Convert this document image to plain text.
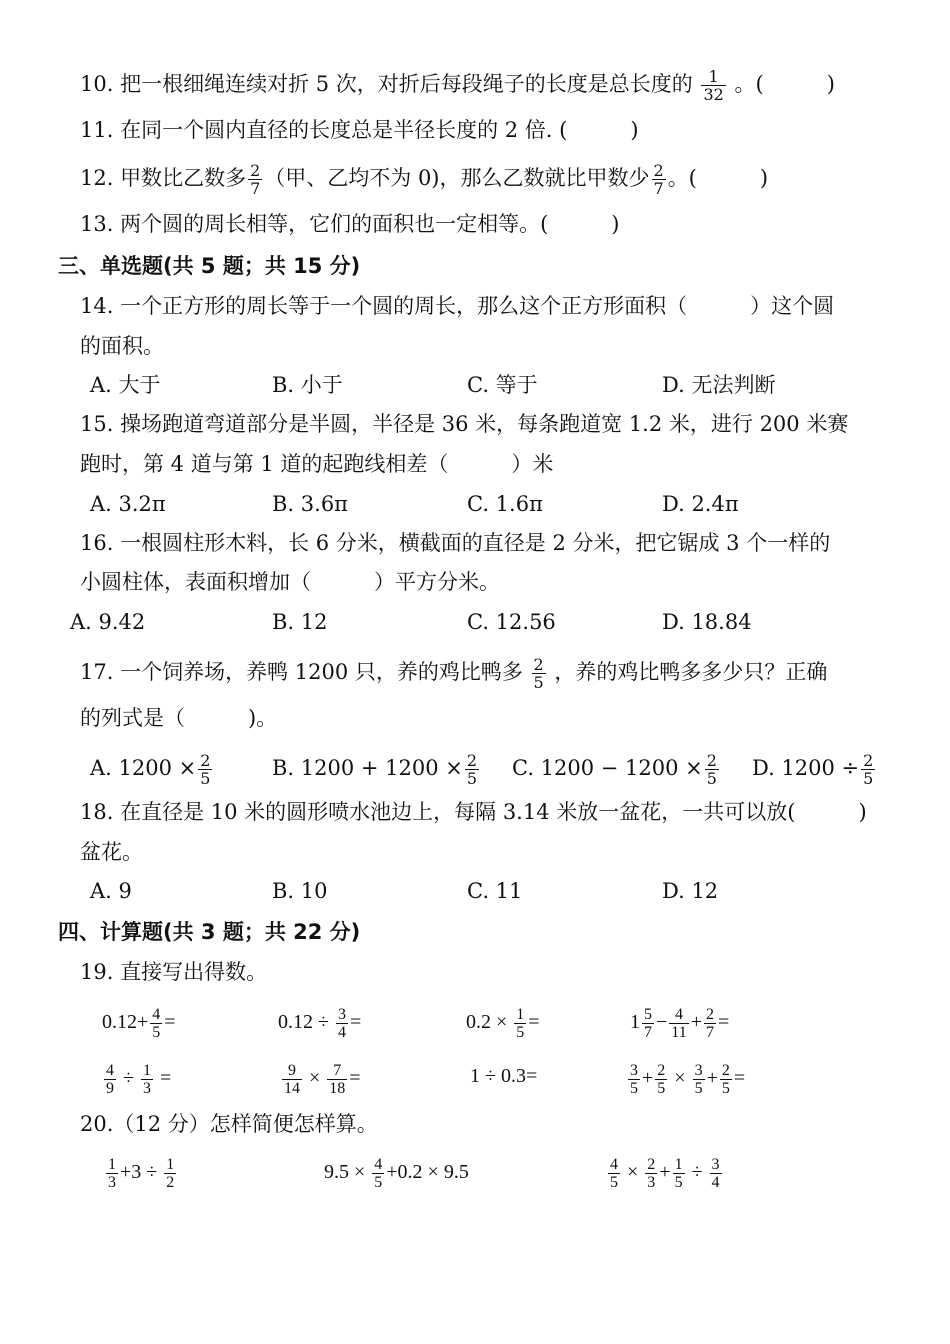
10. 把一根细绳连续对折 5 次，对折后每段绳子的长度是总长度的 $\frac{1}{32}$ 。(　　　)
11. 在同一个圆内直径的长度总是半径长度的 2 倍. (　　　)
12. 甲数比乙数多 $\frac{2}{7}$ （甲、乙均不为 0)，那么乙数就比甲数少 $\frac{2}{7}$ 。(　　　)
13. 两个圆的周长相等，它们的面积也一定相等。(　　　)
三、单选题(共 5 题；共 15 分)
14. 一个正方形的周长等于一个圆的周长，那么这个正方形面积（　　　）这个圆
的面积。
A. 大于	B. 小于	C. 等于	D. 无法判断
15. 操场跑道弯道部分是半圆，半径是 36 米，每条跑道宽 1.2 米，进行 200 米赛
跑时，第 4 道与第 1 道的起跑线相差（　　　）米
A. 3.2π	B. 3.6π	C. 1.6π	D. 2.4π
16. 一根圆柱形木料，长 6 分米，横截面的直径是 2 分米，把它锯成 3 个一样的
小圆柱体，表面积增加（　　　）平方分米。
A. 9.42	B. 12	C. 12.56	D. 18.84
17. 一个饲养场，养鸭 1200 只，养的鸡比鸭多 $\frac{2}{5}$ ，养的鸡比鸭多多少只？正确
的列式是（　　　)。
A. $1200 \times \frac{2}{5}$	B. $1200 + 1200 \times \frac{2}{5} C$. $1200 - 1200 \times \frac{2}{5} D$. $1200 \div \frac{2}{5}$
18. 在直径是 10 米的圆形喷水池边上，每隔 3.14 米放一盆花，一共可以放(　　　)
盆花。
A. 9	B. 10	C. 11	D. 12
四、计算题(共 3 题；共 22 分)
19. 直接写出得数。
$0.12+ \frac{4}{5}$ =	$0.12 \div \frac{3}{4}$ =	$0.2 \times \frac{1}{5}$ =	$1 \frac{5}{7} - \frac{4}{11} + \frac{2}{7}$ =
$\frac{4}{9} \div \frac{1}{3}$ =	$\frac{9}{14} \times \frac{7}{18}$ =	1 ÷ 0.3=	$\frac{3}{5} + \frac{2}{5} \times \frac{3}{5} + \frac{2}{5}$ =
20.（12 分）怎样简便怎样算。
$\frac{1}{3} +3 \div \frac{1}{2}$	$9.5 \times \frac{4}{5} +0.2 \times 9.5$	$\frac{4}{5} \times \frac{2}{3} + \frac{1}{5} \div \frac{3}{4}$
